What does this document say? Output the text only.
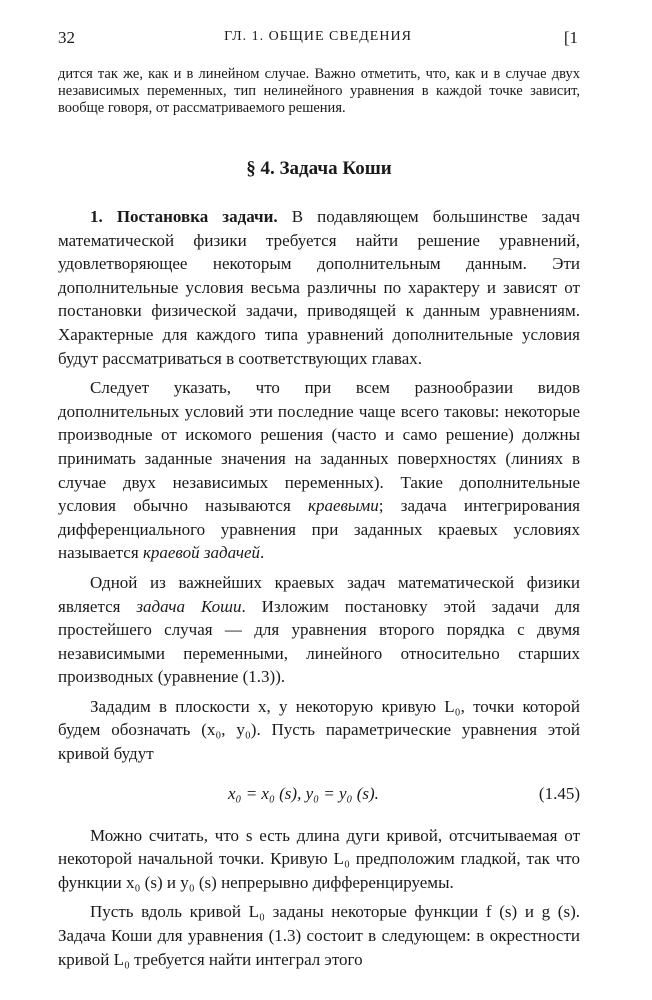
32	ГЛ. 1. ОБЩИЕ СВЕДЕНИЯ	[1
дится так же, как и в линейном случае. Важно отметить, что, как и в случае двух независимых переменных, тип нелинейного уравнения в каждой точке зависит, вообще говоря, от рассматриваемого решения.
§ 4. Задача Коши

1. Постановка задачи. В подавляющем большинстве задач математической физики требуется найти решение уравнений, удовлетворяющее некоторым дополнительным данным. Эти дополнительные условия весьма различны по характеру и зависят от постановки физической задачи, приводящей к данным уравнениям. Характерные для каждого типа уравнений дополнительные условия будут рассматриваться в соответствующих главах.

Следует указать, что при всем разнообразии видов дополнительных условий эти последние чаще всего таковы: некоторые производные от искомого решения (часто и само решение) должны принимать заданные значения на заданных поверхностях (линиях в случае двух независимых переменных). Такие дополнительные условия обычно называются краевыми; задача интегрирования дифференциального уравнения при заданных краевых условиях называется краевой задачей.

Одной из важнейших краевых задач математической физики является задача Коши. Изложим постановку этой задачи для простейшего случая — для уравнения второго порядка с двумя независимыми переменными, линейного относительно старших производных (уравнение (1.3)).

Зададим в плоскости x, y некоторую кривую L₀, точки которой будем обозначать (x₀, y₀). Пусть параметрические уравнения этой кривой будут

x₀ = x₀ (s), y₀ = y₀ (s).	(1.45)

Можно считать, что s есть длина дуги кривой, отсчитываемая от некоторой начальной точки. Кривую L₀ предположим гладкой, так что функции x₀ (s) и y₀ (s) непрерывно дифференцируемы.

Пусть вдоль кривой L₀ заданы некоторые функции f (s) и g (s). Задача Коши для уравнения (1.3) состоит в следующем: в окрестности кривой L₀ требуется найти интеграл этого
